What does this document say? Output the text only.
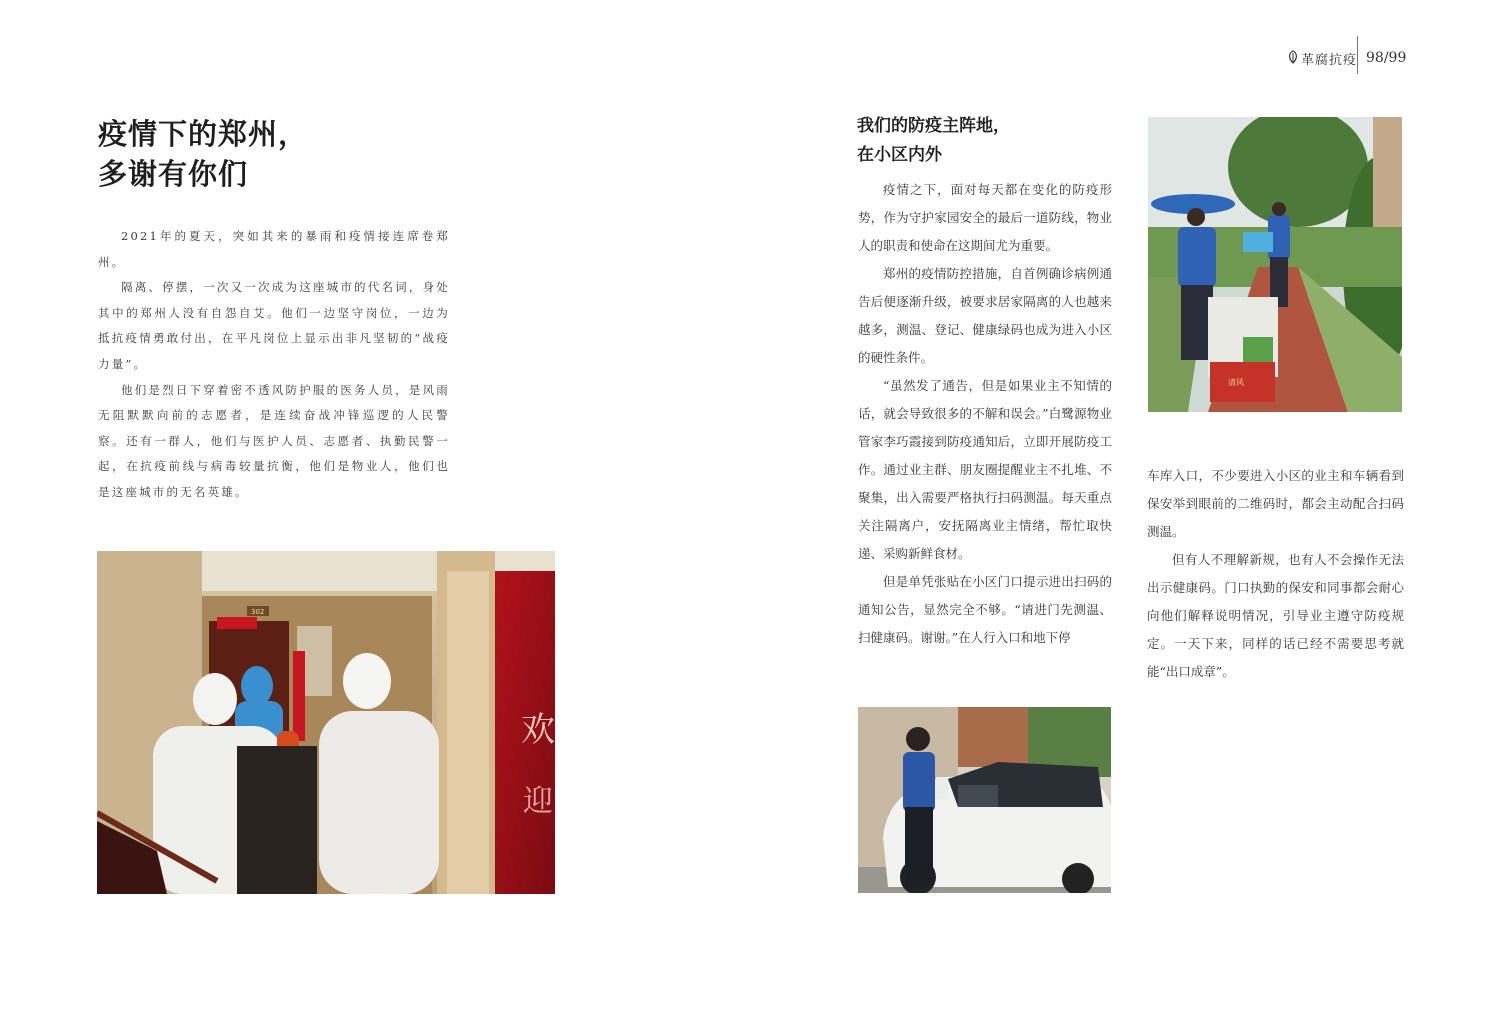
革腐抗疫 98/99
疫情下的郑州，
多谢有你们

2021年的夏天，突如其来的暴雨和疫情接连席卷郑州。

隔离、停摆，一次又一次成为这座城市的代名词，身处其中的郑州人没有自怨自艾。他们一边坚守岗位，一边为抵抗疫情勇敢付出，在平凡岗位上显示出非凡坚韧的“战疫力量”。

他们是烈日下穿着密不透风防护服的医务人员，是风雨无阻默默向前的志愿者，是连续奋战冲锋巡逻的人民警察。还有一群人，他们与医护人员、志愿者、执勤民警一起，在抗疫前线与病毒较量抗衡，他们是物业人，他们也是这座城市的无名英雄。

欢
迎
302
我们的防疫主阵地，
在小区内外

疫情之下，面对每天都在变化的防疫形势，作为守护家园安全的最后一道防线，物业人的职责和使命在这期间尤为重要。

郑州的疫情防控措施，自首例确诊病例通告后便逐渐升级，被要求居家隔离的人也越来越多，测温、登记、健康绿码也成为进入小区的硬性条件。

“虽然发了通告，但是如果业主不知情的话，就会导致很多的不解和误会。”白鹭源物业管家李巧霞接到防疫通知后，立即开展防疫工作。通过业主群、朋友圈提醒业主不扎堆、不聚集，出入需要严格执行扫码测温。每天重点关注隔离户，安抚隔离业主情绪，帮忙取快递、采购新鲜食材。

但是单凭张贴在小区门口提示进出扫码的通知公告，显然完全不够。“请进门先测温、扫健康码。谢谢。”在人行入口和地下停

车库入口，不少要进入小区的业主和车辆看到保安举到眼前的二维码时，都会主动配合扫码测温。

但有人不理解新规，也有人不会操作无法出示健康码。门口执勤的保安和同事都会耐心向他们解释说明情况，引导业主遵守防疫规定。一天下来，同样的话已经不需要思考就能“出口成章”。

清风
